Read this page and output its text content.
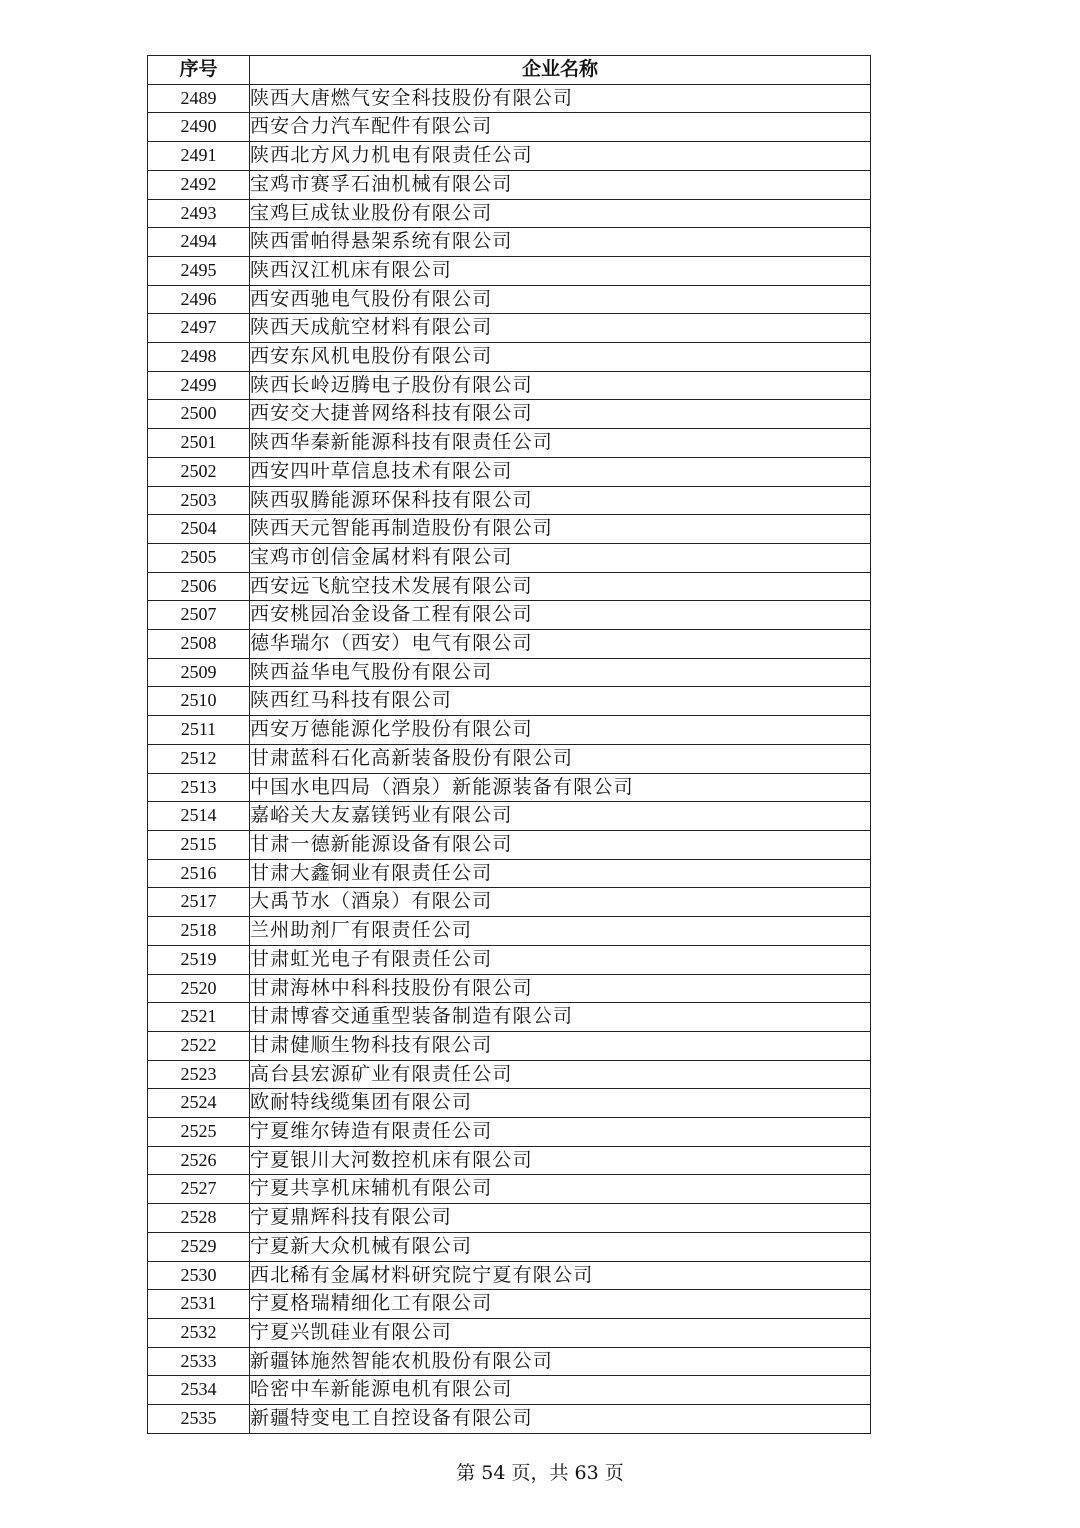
序号	企业名称
2489	陕西大唐燃气安全科技股份有限公司
2490	西安合力汽车配件有限公司
2491	陕西北方风力机电有限责任公司
2492	宝鸡市赛孚石油机械有限公司
2493	宝鸡巨成钛业股份有限公司
2494	陕西雷帕得悬架系统有限公司
2495	陕西汉江机床有限公司
2496	西安西驰电气股份有限公司
2497	陕西天成航空材料有限公司
2498	西安东风机电股份有限公司
2499	陕西长岭迈腾电子股份有限公司
2500	西安交大捷普网络科技有限公司
2501	陕西华秦新能源科技有限责任公司
2502	西安四叶草信息技术有限公司
2503	陕西驭腾能源环保科技有限公司
2504	陕西天元智能再制造股份有限公司
2505	宝鸡市创信金属材料有限公司
2506	西安远飞航空技术发展有限公司
2507	西安桃园冶金设备工程有限公司
2508	德华瑞尔（西安）电气有限公司
2509	陕西益华电气股份有限公司
2510	陕西红马科技有限公司
2511	西安万德能源化学股份有限公司
2512	甘肃蓝科石化高新装备股份有限公司
2513	中国水电四局（酒泉）新能源装备有限公司
2514	嘉峪关大友嘉镁钙业有限公司
2515	甘肃一德新能源设备有限公司
2516	甘肃大鑫铜业有限责任公司
2517	大禹节水（酒泉）有限公司
2518	兰州助剂厂有限责任公司
2519	甘肃虹光电子有限责任公司
2520	甘肃海林中科科技股份有限公司
2521	甘肃博睿交通重型装备制造有限公司
2522	甘肃健顺生物科技有限公司
2523	高台县宏源矿业有限责任公司
2524	欧耐特线缆集团有限公司
2525	宁夏维尔铸造有限责任公司
2526	宁夏银川大河数控机床有限公司
2527	宁夏共享机床辅机有限公司
2528	宁夏鼎辉科技有限公司
2529	宁夏新大众机械有限公司
2530	西北稀有金属材料研究院宁夏有限公司
2531	宁夏格瑞精细化工有限公司
2532	宁夏兴凯硅业有限公司
2533	新疆钵施然智能农机股份有限公司
2534	哈密中车新能源电机有限公司
2535	新疆特变电工自控设备有限公司
第 54 页，共 63 页
